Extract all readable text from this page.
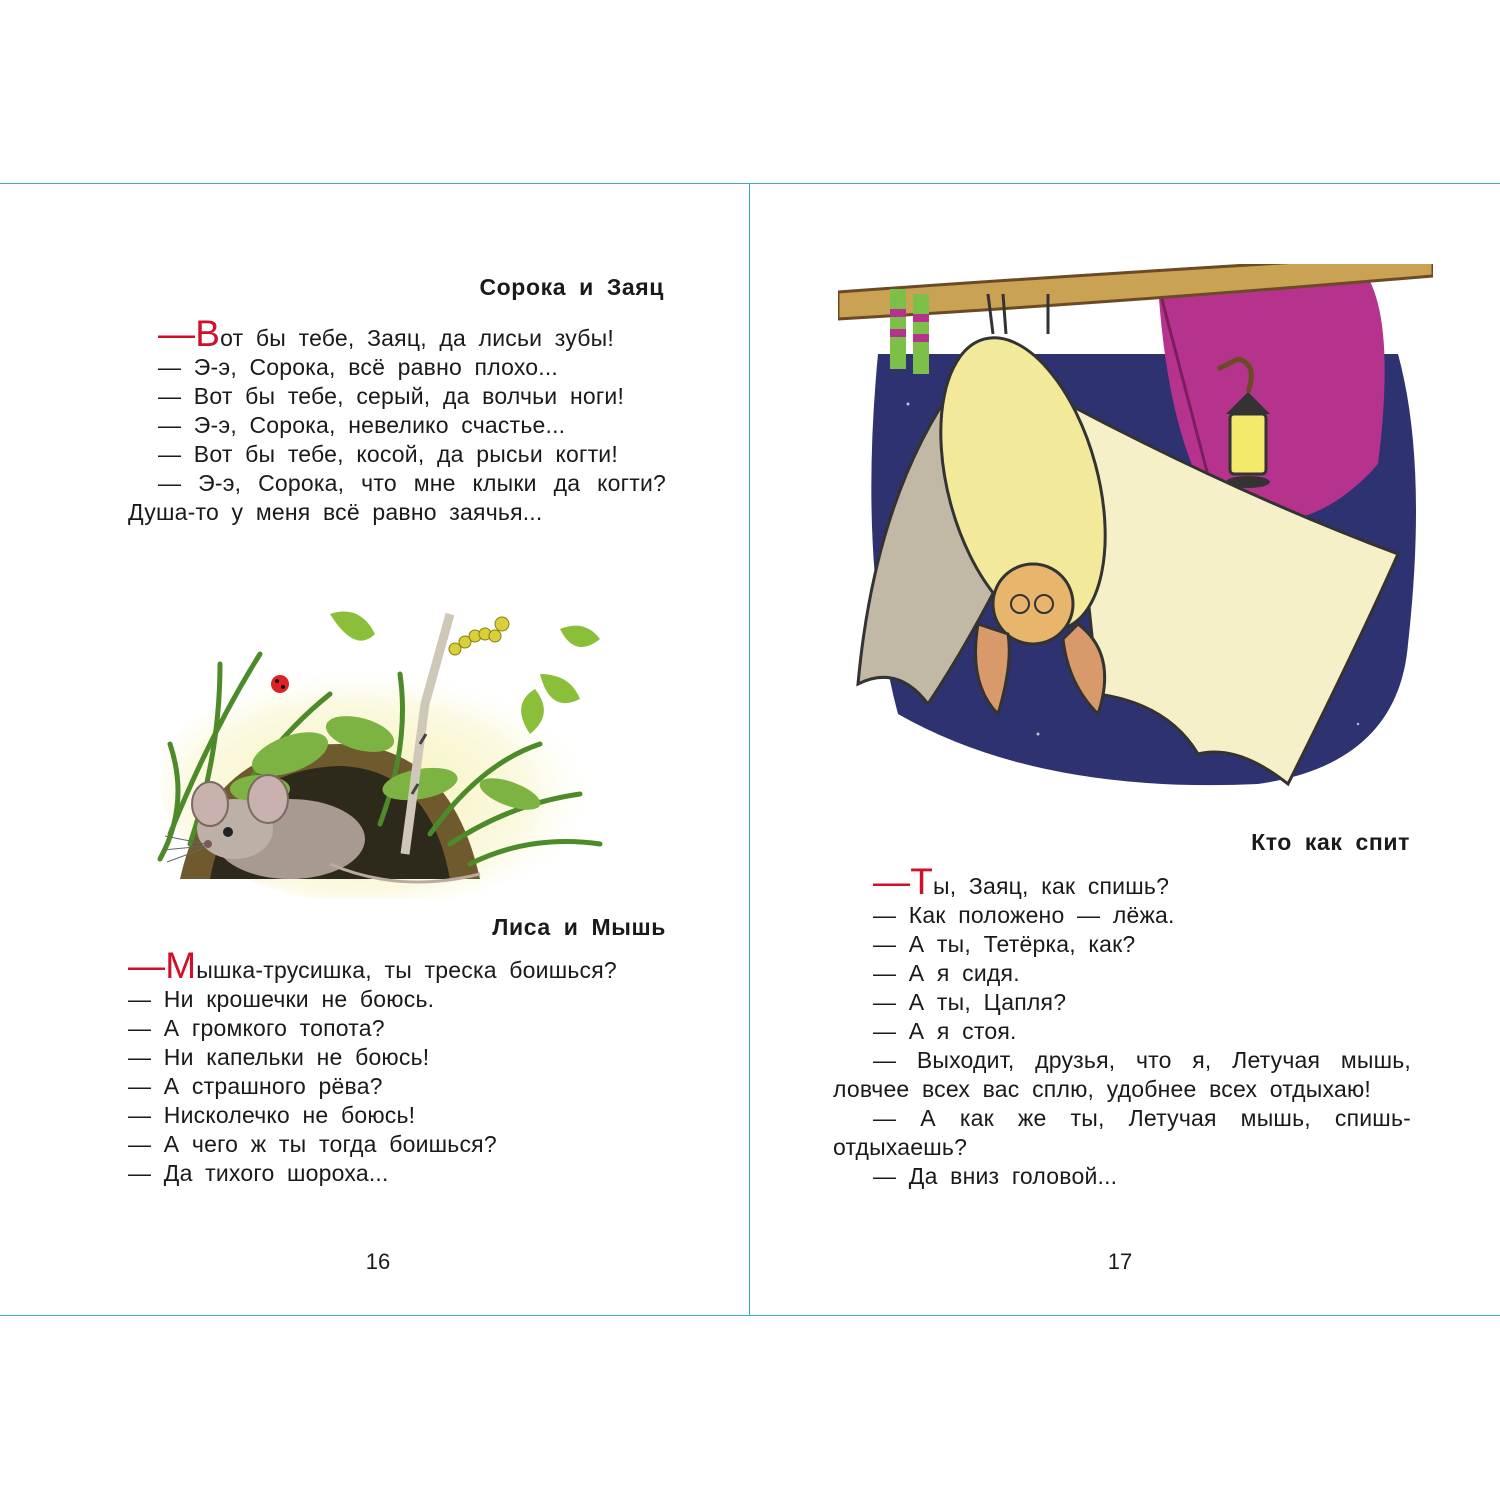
Сорока и Заяц

—Вот бы тебе, Заяц, да лисьи зубы!

— Э-э, Сорока, всё равно плохо...

— Вот бы тебе, серый, да волчьи ноги!

— Э-э, Сорока, невелико счастье...

— Вот бы тебе, косой, да рысьи когти!

— Э-э, Сорока, что мне клыки да когти? Душа-то у меня всё равно заячья...

Лиса и Мышь

—Мышка-трусишка, ты треска боишься?

— Ни крошечки не боюсь.

— А громкого топота?

— Ни капельки не боюсь!

— А страшного рёва?

— Нисколечко не боюсь!

— А чего ж ты тогда боишься?

— Да тихого шороха...

16

Кто как спит

—Ты, Заяц, как спишь?

— Как положено — лёжа.

— А ты, Тетёрка, как?

— А я сидя.

— А ты, Цапля?

— А я стоя.

— Выходит, друзья, что я, Летучая мышь, ловчее всех вас сплю, удобнее всех отдыхаю!

— А как же ты, Летучая мышь, спишь-отдыхаешь?

— Да вниз головой...

17
